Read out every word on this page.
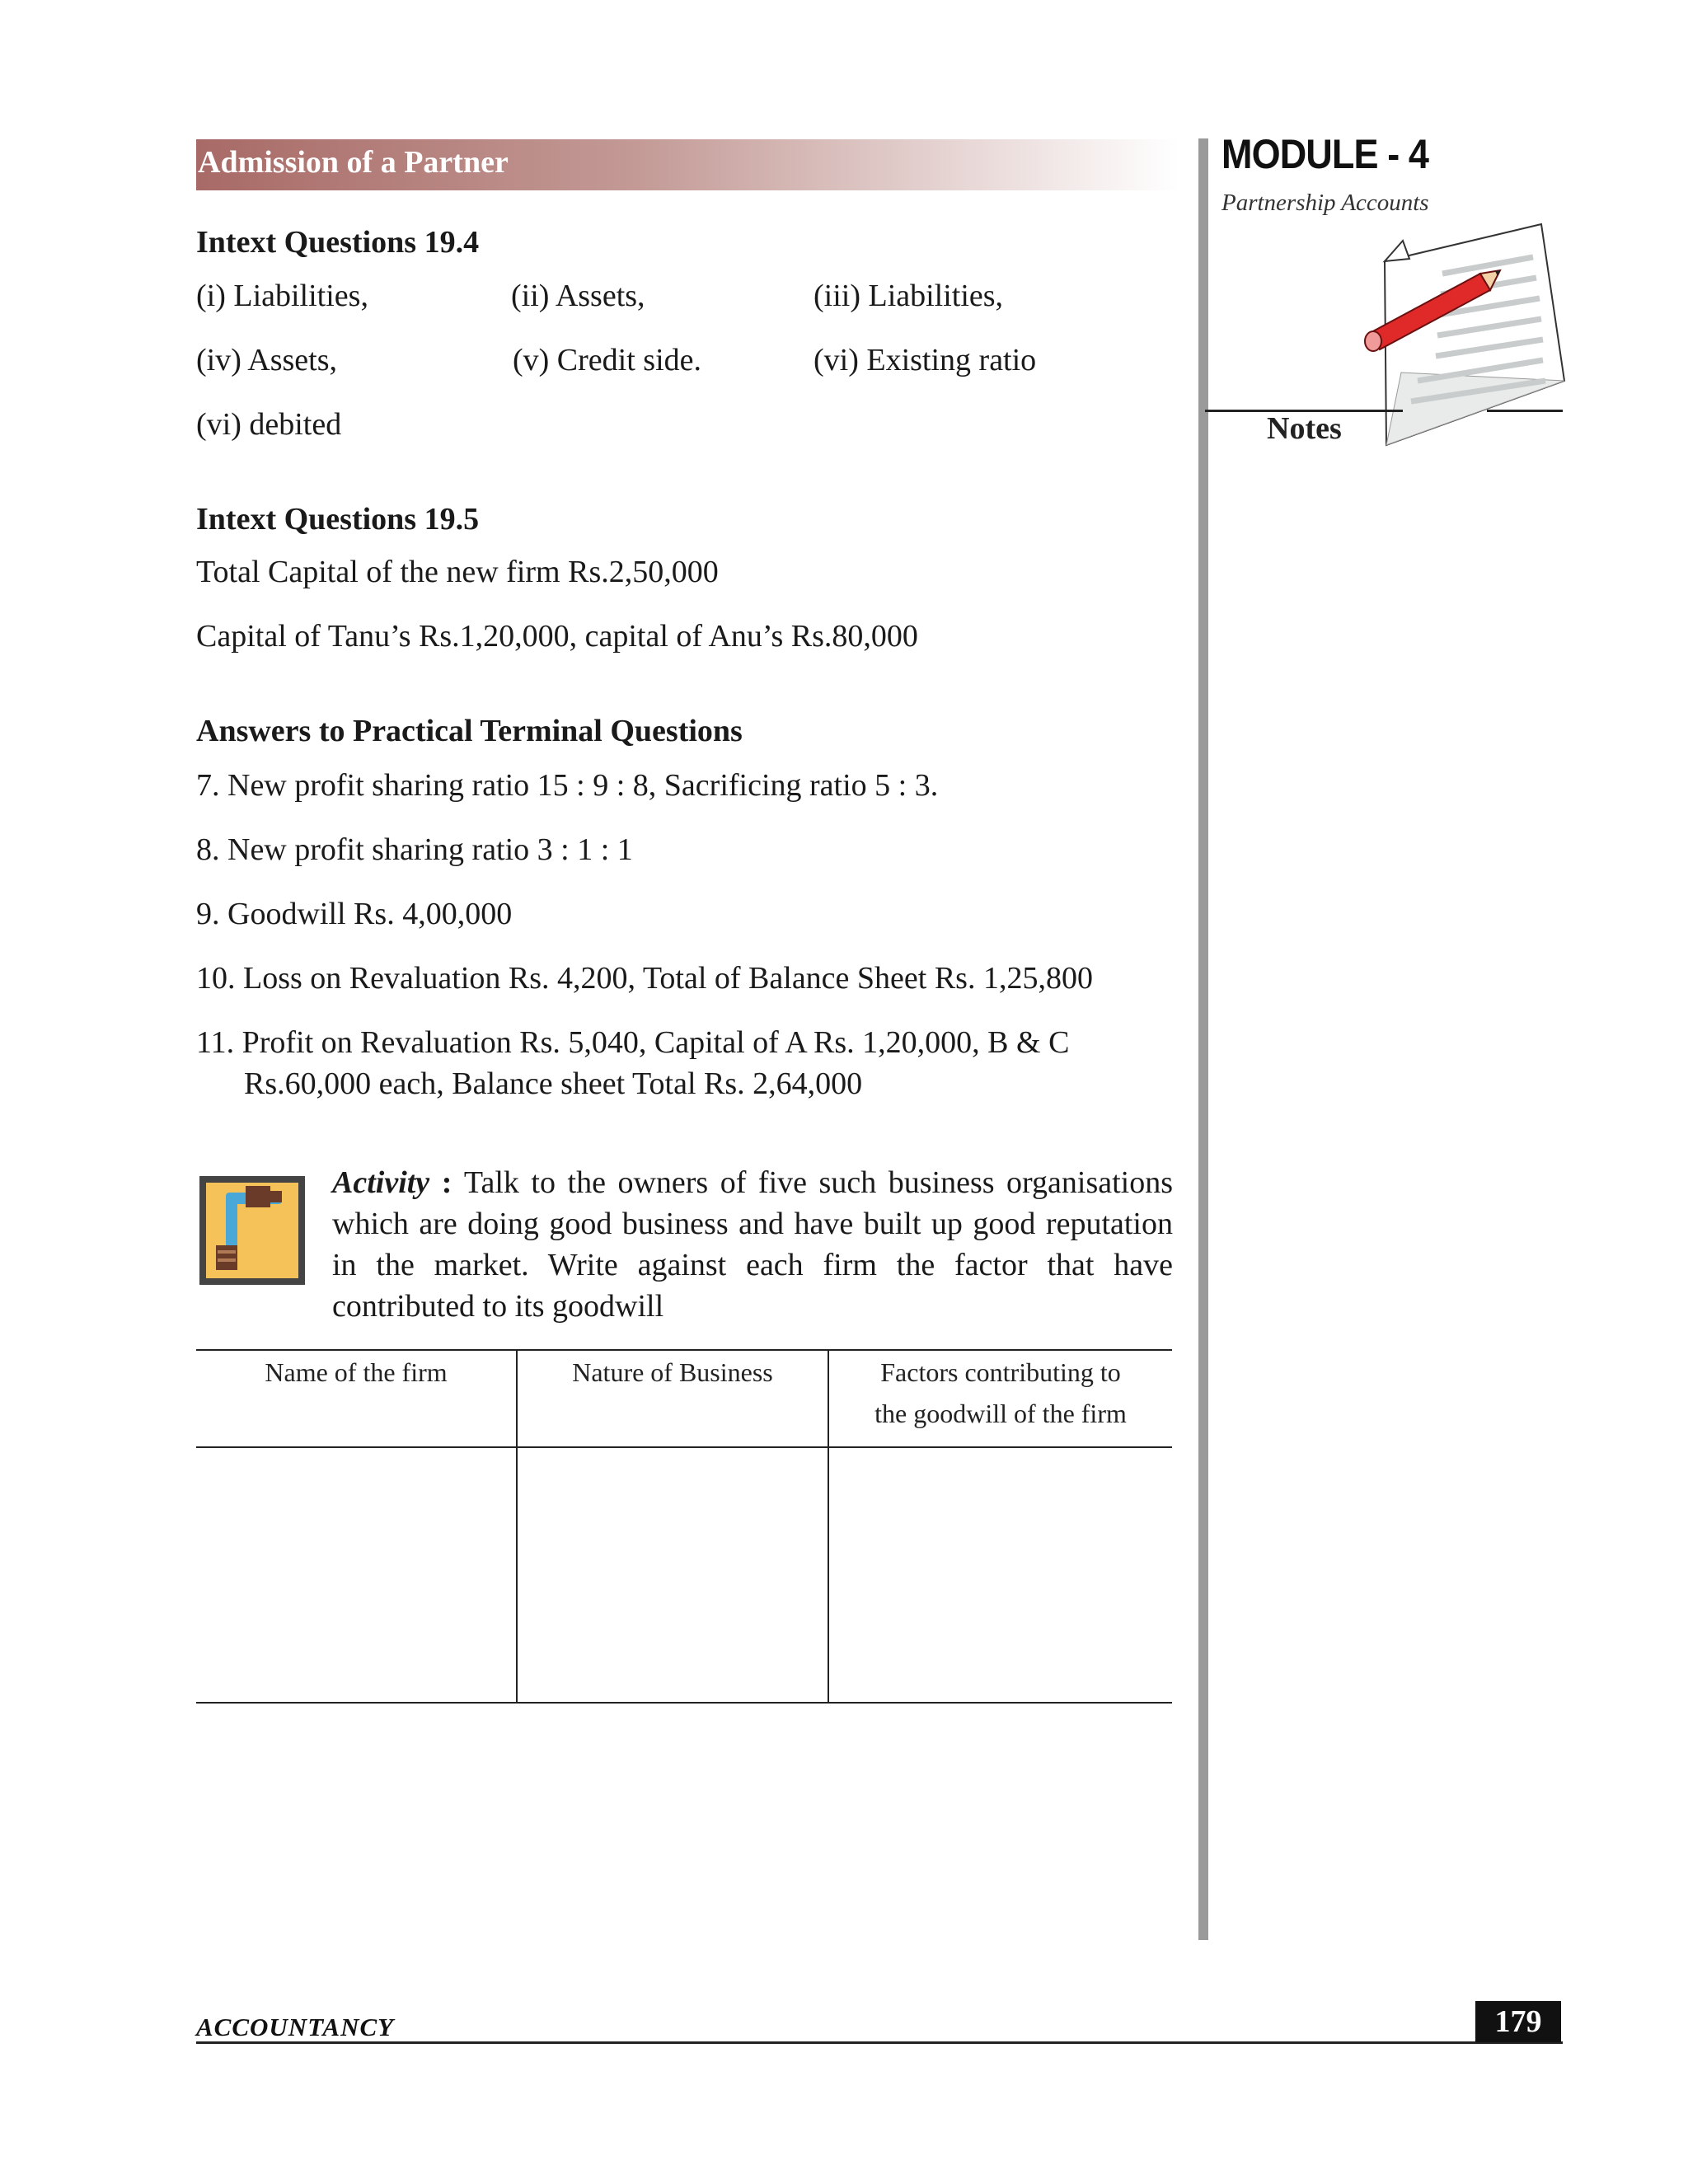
Admission of a Partner	MODULE - 4
Partnership Accounts
Notes
Intext Questions 19.4
(i) Liabilities,	(ii) Assets,	(iii) Liabilities,
(iv) Assets,	(v) Credit side.	(vi) Existing ratio
(vi) debited
Intext Questions 19.5
Total Capital of the new firm Rs.2,50,000
Capital of Tanu’s Rs.1,20,000, capital of Anu’s Rs.80,000
Answers to Practical Terminal Questions
7. New profit sharing ratio 15 : 9 : 8, Sacrificing ratio 5 : 3.
8. New profit sharing ratio 3 : 1 : 1
9. Goodwill Rs. 4,00,000
10. Loss on Revaluation Rs. 4,200, Total of Balance Sheet Rs. 1,25,800
11. Profit on Revaluation Rs. 5,040, Capital of A Rs. 1,20,000, B & C
Rs.60,000 each, Balance sheet Total Rs. 2,64,000
Activity : Talk to the owners of five such business organisations which are doing good business and have built up good reputation in the market. Write against each firm the factor that have contributed to its goodwill
Name of the firm	Nature of Business	Factors contributing to
the goodwill of the firm
ACCOUNTANCY	179
